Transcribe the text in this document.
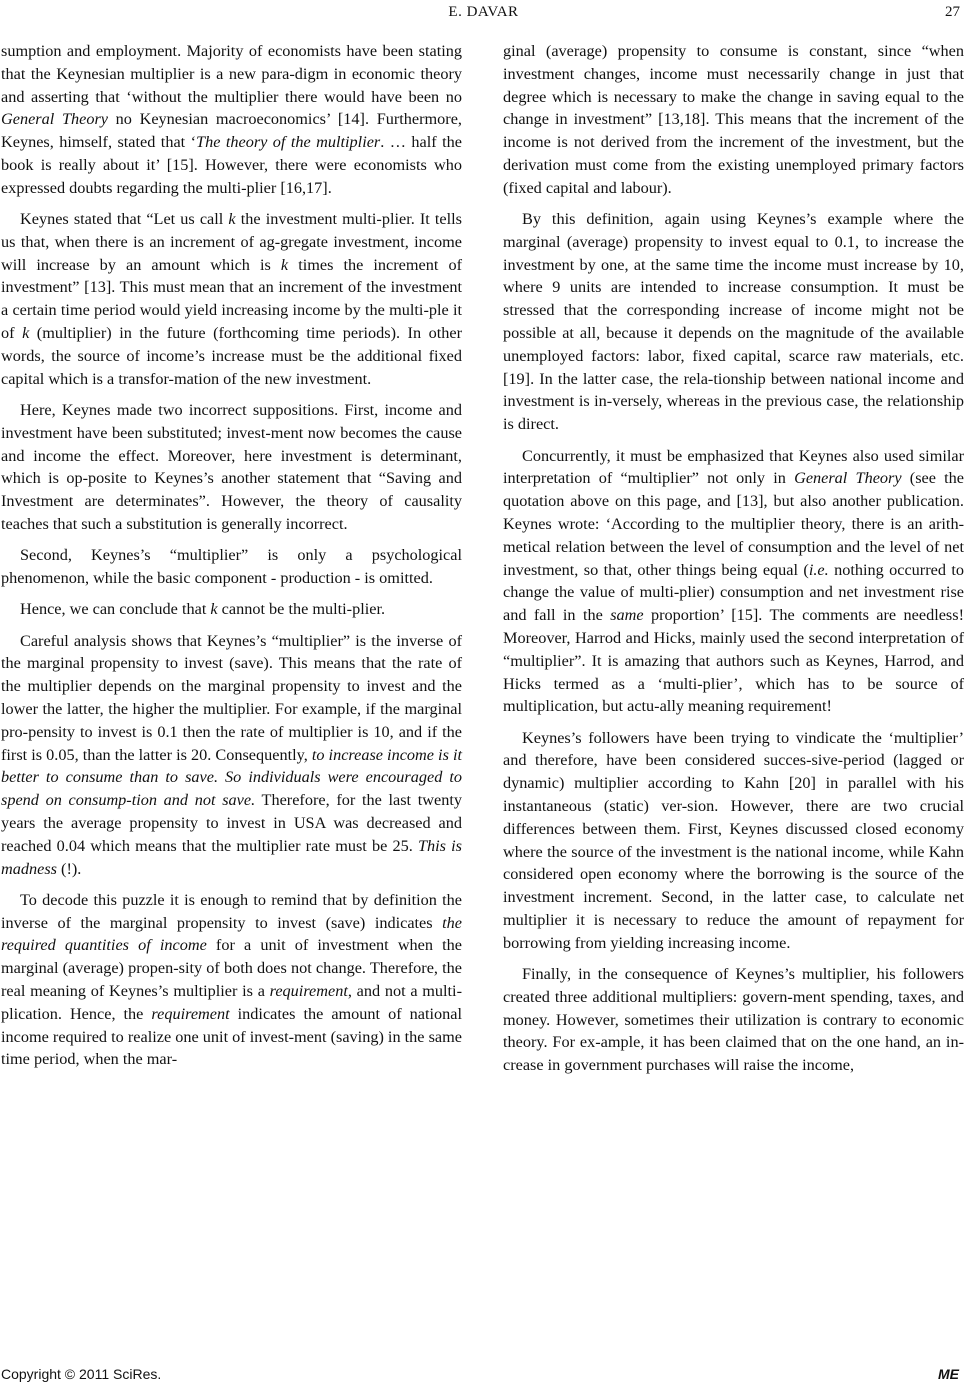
E. DAVAR	27

sumption and employment. Majority of economists have been stating that the Keynesian multiplier is a new para-digm in economic theory and asserting that ‘without the multiplier there would have been no General Theory no Keynesian macroeconomics’ [14]. Furthermore, Keynes, himself, stated that ‘The theory of the multiplier. … half the book is really about it’ [15]. However, there were economists who expressed doubts regarding the multi-plier [16,17].

Keynes stated that “Let us call k the investment multi-plier. It tells us that, when there is an increment of ag-gregate investment, income will increase by an amount which is k times the increment of investment” [13]. This must mean that an increment of the investment a certain time period would yield increasing income by the multi-ple it of k (multiplier) in the future (forthcoming time periods). In other words, the source of income’s increase must be the additional fixed capital which is a transfor-mation of the new investment.

Here, Keynes made two incorrect suppositions. First, income and investment have been substituted; invest-ment now becomes the cause and income the effect. Moreover, here investment is determinant, which is op-posite to Keynes’s another statement that “Saving and Investment are determinates”. However, the theory of causality teaches that such a substitution is generally incorrect.

Second, Keynes’s “multiplier” is only a psychological phenomenon, while the basic component - production - is omitted.

Hence, we can conclude that k cannot be the multi-plier.

Careful analysis shows that Keynes’s “multiplier” is the inverse of the marginal propensity to invest (save). This means that the rate of the multiplier depends on the marginal propensity to invest and the lower the latter, the higher the multiplier. For example, if the marginal pro-pensity to invest is 0.1 then the rate of multiplier is 10, and if the first is 0.05, than the latter is 20. Consequently, to increase income is it better to consume than to save. So individuals were encouraged to spend on consump-tion and not save. Therefore, for the last twenty years the average propensity to invest in USA was decreased and reached 0.04 which means that the multiplier rate must be 25. This is madness (!).

To decode this puzzle it is enough to remind that by definition the inverse of the marginal propensity to invest (save) indicates the required quantities of income for a unit of investment when the marginal (average) propen-sity of both does not change. Therefore, the real meaning of Keynes’s multiplier is a requirement, and not a multi-plication. Hence, the requirement indicates the amount of national income required to realize one unit of invest-ment (saving) in the same time period, when the mar-

ginal (average) propensity to consume is constant, since “when investment changes, income must necessarily change in just that degree which is necessary to make the change in saving equal to the change in investment” [13,18]. This means that the increment of the income is not derived from the increment of the investment, but the derivation must come from the existing unemployed primary factors (fixed capital and labour).

By this definition, again using Keynes’s example where the marginal (average) propensity to invest equal to 0.1, to increase the investment by one, at the same time the income must increase by 10, where 9 units are intended to increase consumption. It must be stressed that the corresponding increase of income might not be possible at all, because it depends on the magnitude of the available unemployed factors: labor, fixed capital, scarce raw materials, etc. [19]. In the latter case, the rela-tionship between national income and investment is in-versely, whereas in the previous case, the relationship is direct.

Concurrently, it must be emphasized that Keynes also used similar interpretation of “multiplier” not only in General Theory (see the quotation above on this page, and [13], but also another publication. Keynes wrote: ‘According to the multiplier theory, there is an arith-metical relation between the level of consumption and the level of net investment, so that, other things being equal (i.e. nothing occurred to change the value of multi-plier) consumption and net investment rise and fall in the same proportion’ [15]. The comments are needless! Moreover, Harrod and Hicks, mainly used the second interpretation of “multiplier”. It is amazing that authors such as Keynes, Harrod, and Hicks termed as a ‘multi-plier’, which has to be source of multiplication, but actu-ally meaning requirement!

Keynes’s followers have been trying to vindicate the ‘multiplier’ and therefore, have been considered succes-sive-period (lagged or dynamic) multiplier according to Kahn [20] in parallel with his instantaneous (static) ver-sion. However, there are two crucial differences between them. First, Keynes discussed closed economy where the source of the investment is the national income, while Kahn considered open economy where the borrowing is the source of the investment increment. Second, in the latter case, to calculate net multiplier it is necessary to reduce the amount of repayment for borrowing from yielding increasing income.

Finally, in the consequence of Keynes’s multiplier, his followers created three additional multipliers: govern-ment spending, taxes, and money. However, sometimes their utilization is contrary to economic theory. For ex-ample, it has been claimed that on the one hand, an in-crease in government purchases will raise the income,

Copyright © 2011 SciRes.	ME
